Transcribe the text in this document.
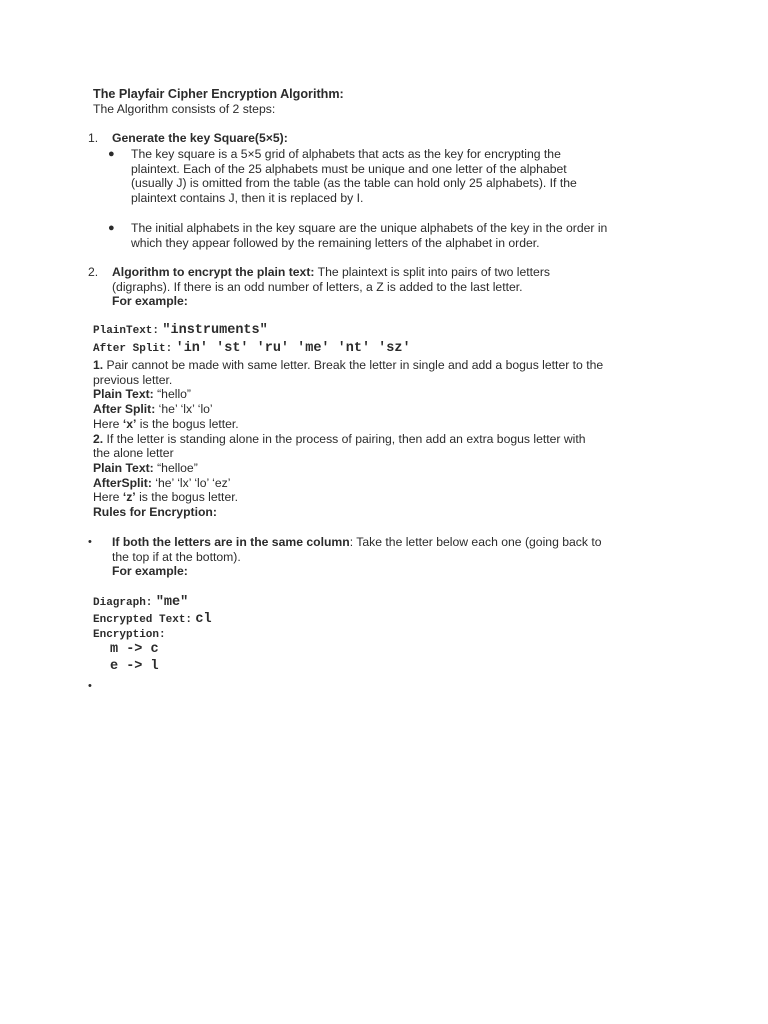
The Playfair Cipher Encryption Algorithm:

The Algorithm consists of 2 steps:

1. Generate the key Square(5×5):

● The key square is a 5×5 grid of alphabets that acts as the key for encrypting the
plaintext. Each of the 25 alphabets must be unique and one letter of the alphabet
(usually J) is omitted from the table (as the table can hold only 25 alphabets). If the
plaintext contains J, then it is replaced by I.
● The initial alphabets in the key square are the unique alphabets of the key in the order in
which they appear followed by the remaining letters of the alphabet in order.
2. Algorithm to encrypt the plain text: The plaintext is split into pairs of two letters
(digraphs). If there is an odd number of letters, a Z is added to the last letter.
For example:
PlainText: "instruments"
After Split: 'in' 'st' 'ru' 'me' 'nt' 'sz'
1. Pair cannot be made with same letter. Break the letter in single and add a bogus letter to the
previous letter.
Plain Text: “hello”
After Split: ‘he’ ‘lx’ ‘lo’
Here ‘x’ is the bogus letter.
2. If the letter is standing alone in the process of pairing, then add an extra bogus letter with
the alone letter
Plain Text: “helloe”
AfterSplit: ‘he’ ‘lx’ ‘lo’ ‘ez’
Here ‘z’ is the bogus letter.
Rules for Encryption:
• If both the letters are in the same column: Take the letter below each one (going back to
the top if at the bottom).
For example:
Diagraph: "me"
Encrypted Text: cl
Encryption:
m -> c
e -> l
•
